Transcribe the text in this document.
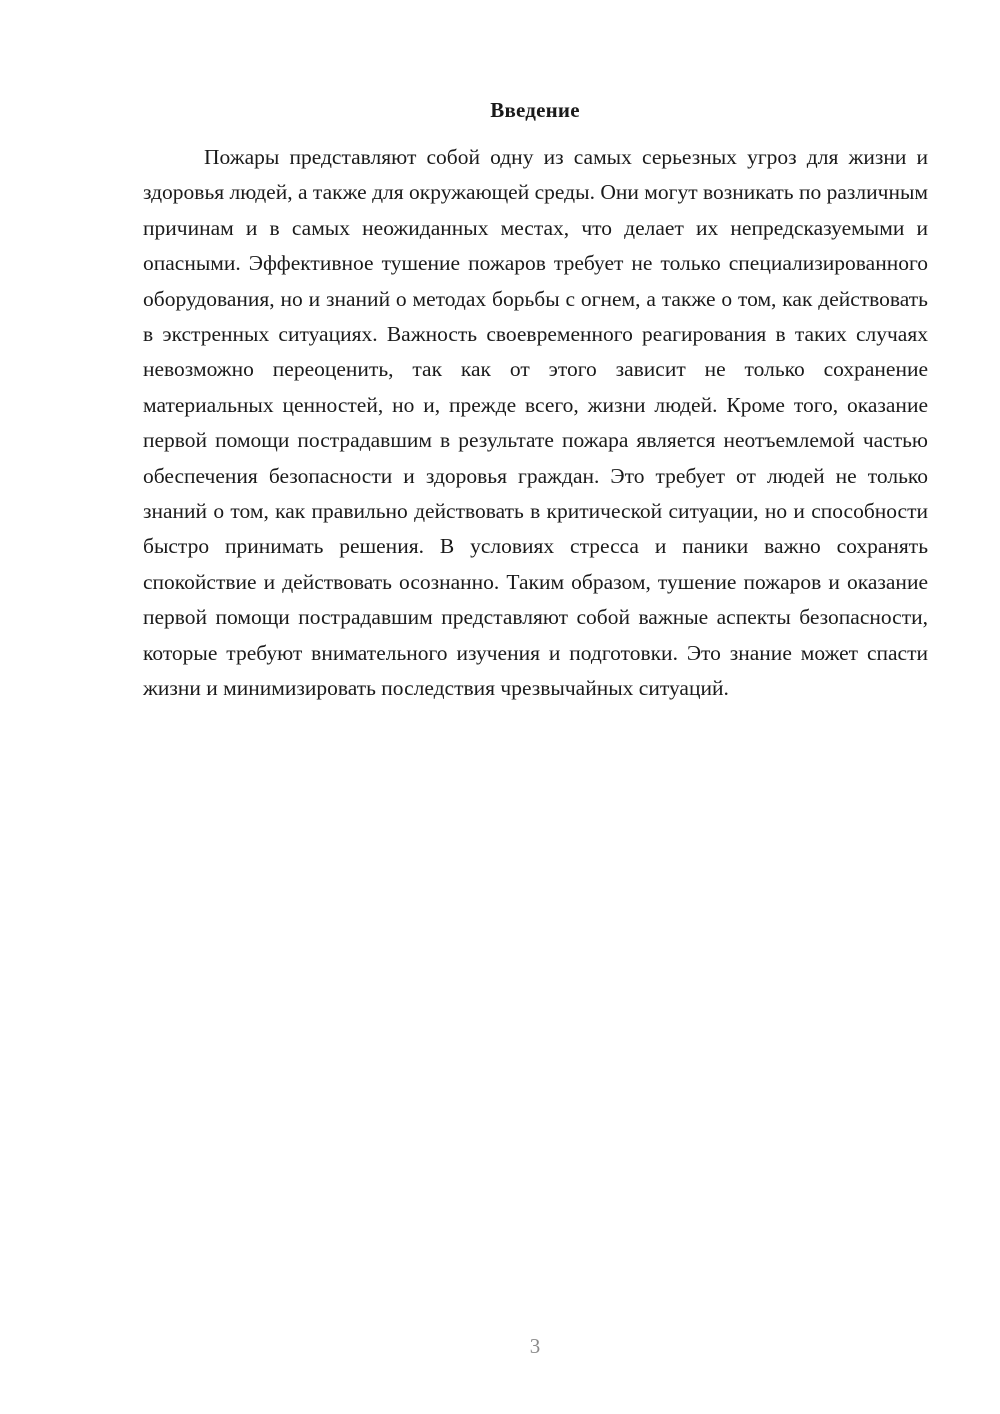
Введение

Пожары представляют собой одну из самых серьезных угроз для жизни и здоровья людей, а также для окружающей среды. Они могут возникать по различным причинам и в самых неожиданных местах, что делает их непредсказуемыми и опасными. Эффективное тушение пожаров требует не только специализированного оборудования, но и знаний о методах борьбы с огнем, а также о том, как действовать в экстренных ситуациях. Важность своевременного реагирования в таких случаях невозможно переоценить, так как от этого зависит не только сохранение материальных ценностей, но и, прежде всего, жизни людей. Кроме того, оказание первой помощи пострадавшим в результате пожара является неотъемлемой частью обеспечения безопасности и здоровья граждан. Это требует от людей не только знаний о том, как правильно действовать в критической ситуации, но и способности быстро принимать решения. В условиях стресса и паники важно сохранять спокойствие и действовать осознанно. Таким образом, тушение пожаров и оказание первой помощи пострадавшим представляют собой важные аспекты безопасности, которые требуют внимательного изучения и подготовки. Это знание может спасти жизни и минимизировать последствия чрезвычайных ситуаций.

3
